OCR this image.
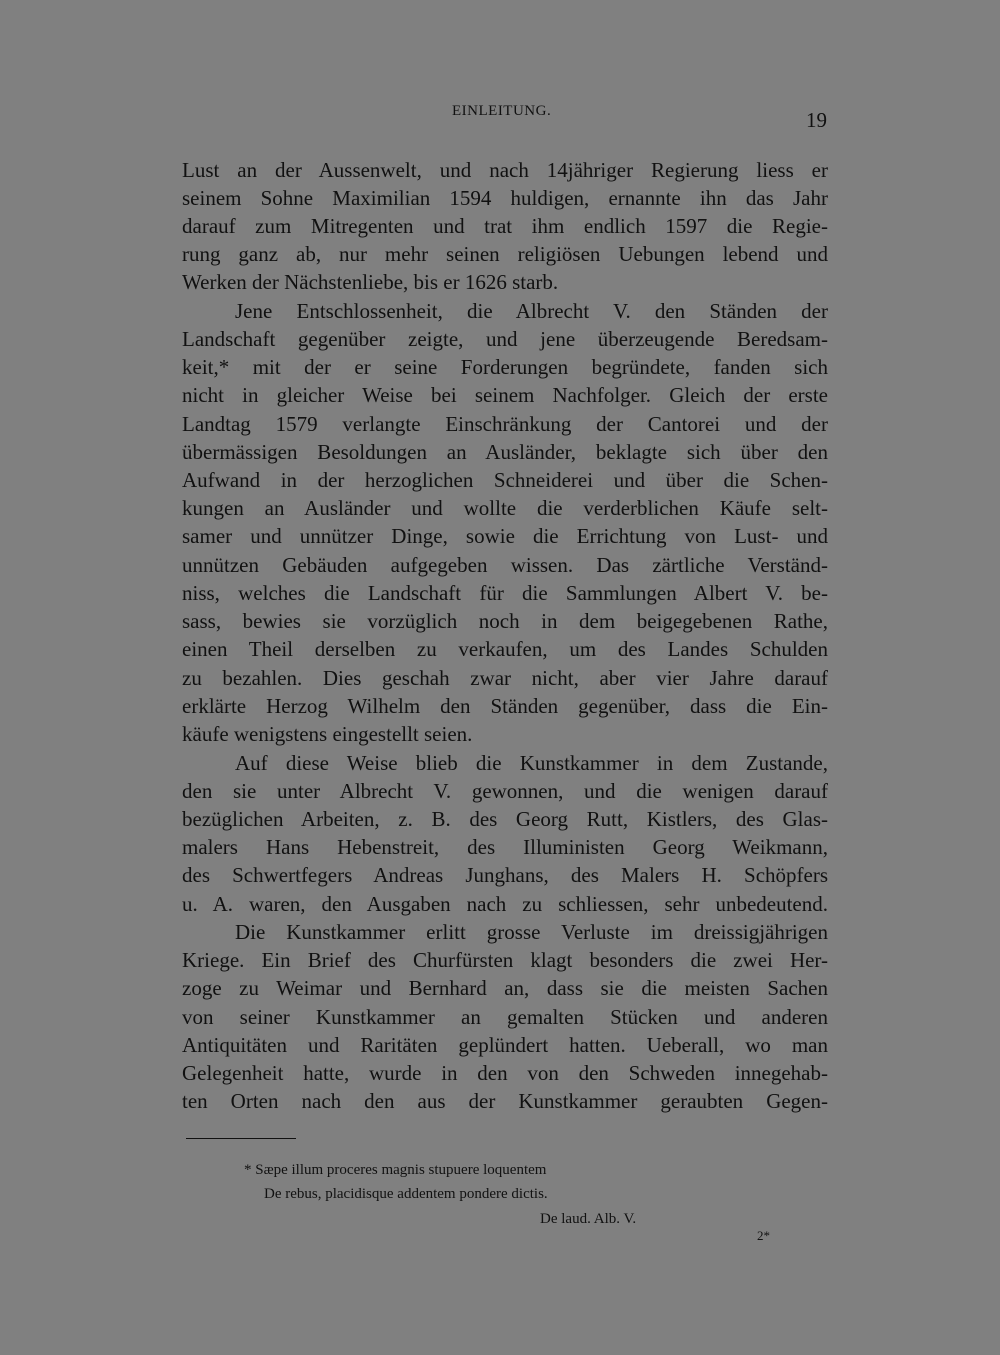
EINLEITUNG.	19
Lust an der Aussenwelt, und nach 14jähriger Regierung liess er
seinem Sohne Maximilian 1594 huldigen, ernannte ihn das Jahr
darauf zum Mitregenten und trat ihm endlich 1597 die Regie-
rung ganz ab, nur mehr seinen religiösen Uebungen lebend und
Werken der Nächstenliebe, bis er 1626 starb.
Jene Entschlossenheit, die Albrecht V. den Ständen der
Landschaft gegenüber zeigte, und jene überzeugende Beredsam-
keit,* mit der er seine Forderungen begründete, fanden sich
nicht in gleicher Weise bei seinem Nachfolger. Gleich der erste
Landtag 1579 verlangte Einschränkung der Cantorei und der
übermässigen Besoldungen an Ausländer, beklagte sich über den
Aufwand in der herzoglichen Schneiderei und über die Schen-
kungen an Ausländer und wollte die verderblichen Käufe selt-
samer und unnützer Dinge, sowie die Errichtung von Lust- und
unnützen Gebäuden aufgegeben wissen. Das zärtliche Verständ-
niss, welches die Landschaft für die Sammlungen Albert V. be-
sass, bewies sie vorzüglich noch in dem beigegebenen Rathe,
einen Theil derselben zu verkaufen, um des Landes Schulden
zu bezahlen. Dies geschah zwar nicht, aber vier Jahre darauf
erklärte Herzog Wilhelm den Ständen gegenüber, dass die Ein-
käufe wenigstens eingestellt seien.
Auf diese Weise blieb die Kunstkammer in dem Zustande,
den sie unter Albrecht V. gewonnen, und die wenigen darauf
bezüglichen Arbeiten, z. B. des Georg Rutt, Kistlers, des Glas-
malers Hans Hebenstreit, des Illuministen Georg Weikmann,
des Schwertfegers Andreas Junghans, des Malers H. Schöpfers
u. A. waren, den Ausgaben nach zu schliessen, sehr unbedeutend.
Die Kunstkammer erlitt grosse Verluste im dreissigjährigen
Kriege. Ein Brief des Churfürsten klagt besonders die zwei Her-
zoge zu Weimar und Bernhard an, dass sie die meisten Sachen
von seiner Kunstkammer an gemalten Stücken und anderen
Antiquitäten und Raritäten geplündert hatten. Ueberall, wo man
Gelegenheit hatte, wurde in den von den Schweden innegehab-
ten Orten nach den aus der Kunstkammer geraubten Gegen-
* Sæpe illum proceres magnis stupuere loquentem
De rebus, placidisque addentem pondere dictis.
De laud. Alb. V.
2*
